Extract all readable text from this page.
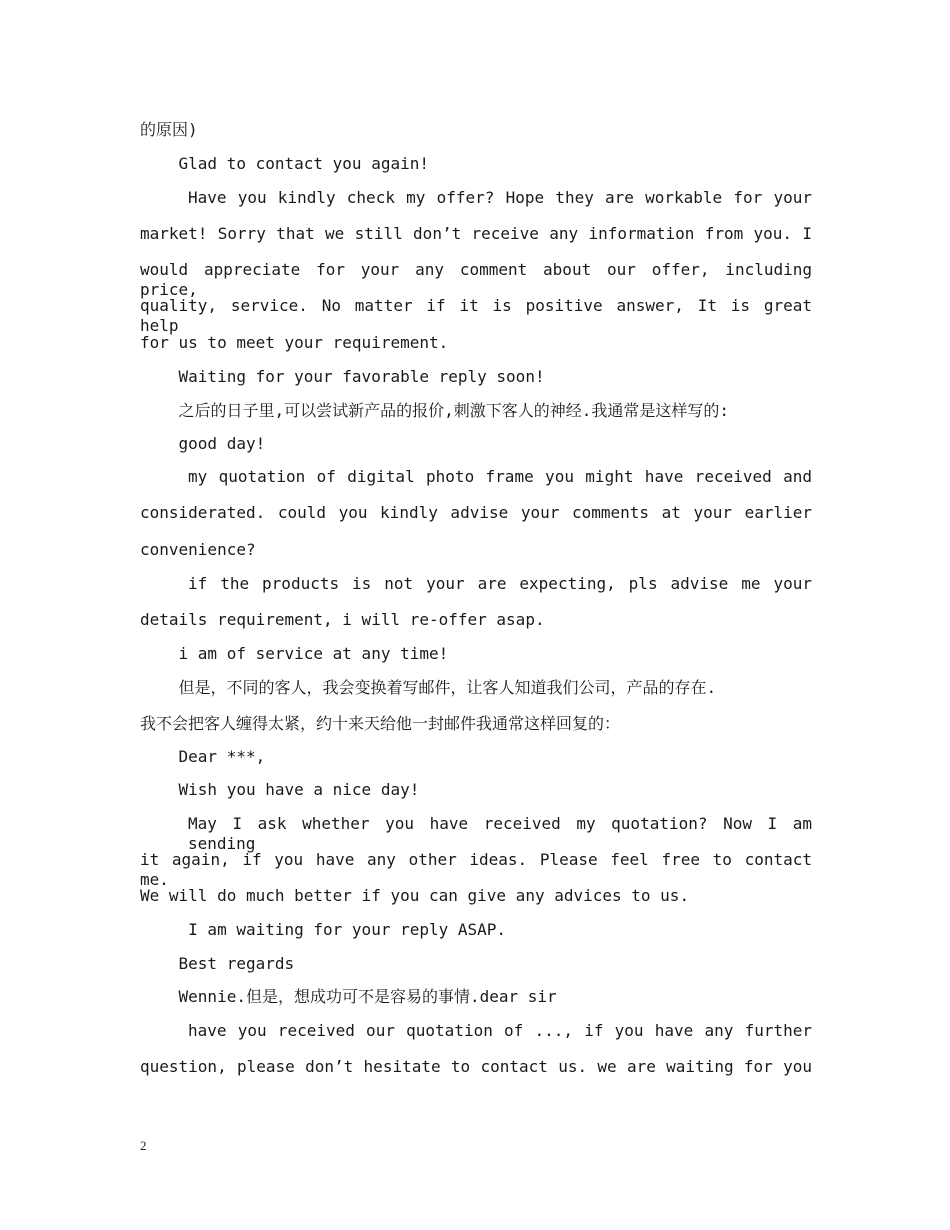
的原因)
Glad to contact you again!
Have you kindly check my offer? Hope they are workable for your
market! Sorry that we still don’t receive any information from you. I
would appreciate for your any comment about our offer, including price,
quality, service. No matter if it is positive answer, It is great help
for us to meet your requirement.
Waiting for your favorable reply soon!
之后的日子里,可以尝试新产品的报价,刺激下客人的神经.我通常是这样写的:
good day!
my quotation of digital photo frame you might have received and
considerated. could you kindly advise your comments at your earlier
convenience?
if the products is not your are expecting, pls advise me your
details requirement, i will re-offer asap.
i am of service at any time!
但是，不同的客人，我会变换着写邮件，让客人知道我们公司，产品的存在.
我不会把客人缠得太紧，约十来天给他一封邮件我通常这样回复的：
Dear ***,
Wish you have a nice day!
May I ask whether you have received my quotation? Now I am sending
it again, if you have any other ideas. Please feel free to contact me.
We will do much better if you can give any advices to us.
I am waiting for your reply ASAP.
Best regards
Wennie.但是，想成功可不是容易的事情.dear sir
have you received our quotation of ..., if you have any further
question, please don’t hesitate to contact us. we are waiting for you
2
